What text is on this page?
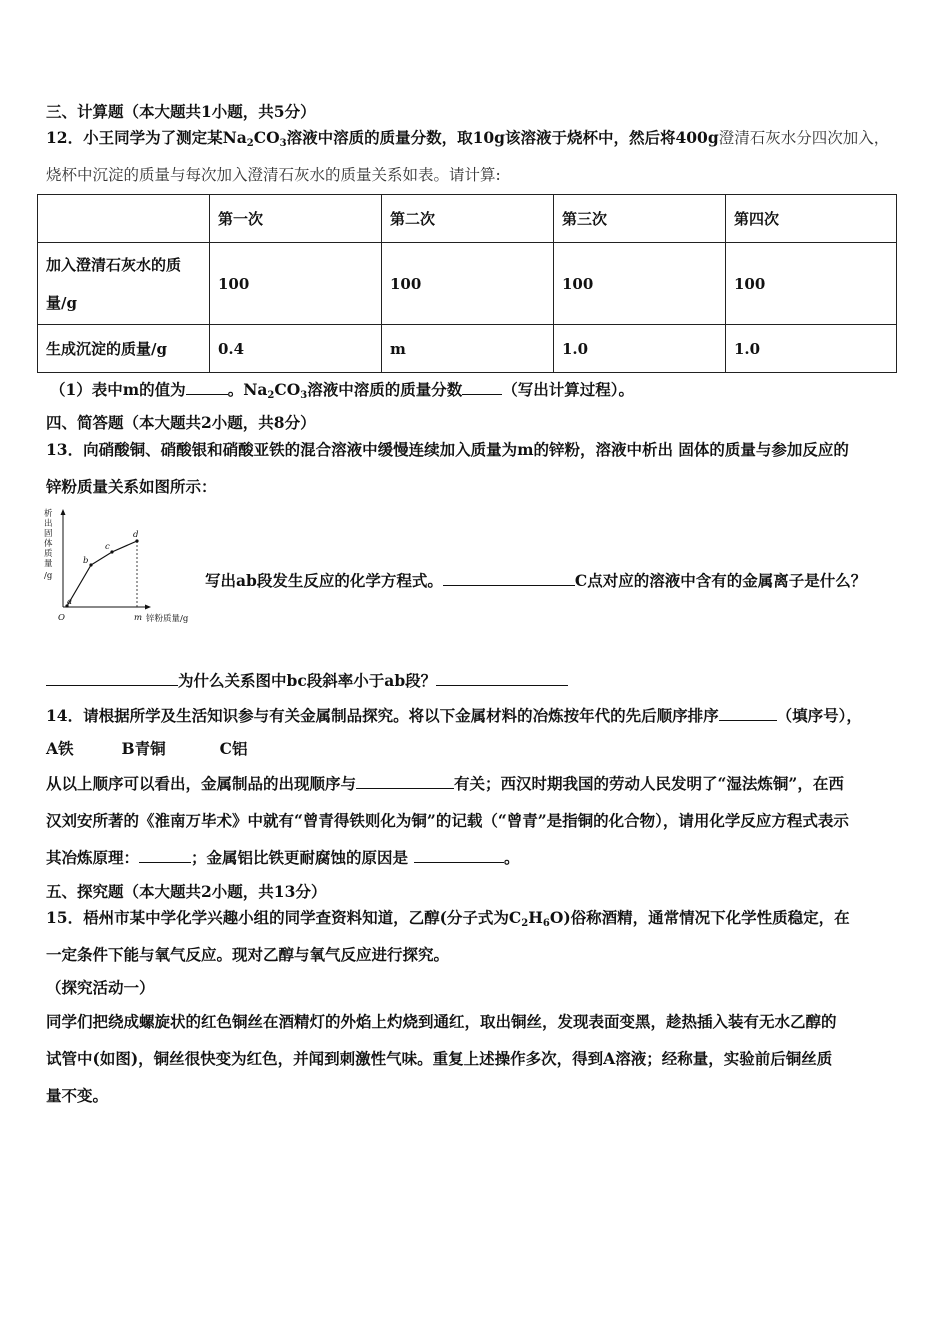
三、计算题（本大题共1小题，共5分）
12．小王同学为了测定某$Na_2CO_3$溶液中溶质的质量分数，取10g该溶液于烧杯中，然后将400g澄清石灰水分四次加入，
烧杯中沉淀的质量与每次加入澄清石灰水的质量关系如表。请计算:
	第一次	第二次	第三次	第四次
加入澄清石灰水的质
量/g	100	100	100	100
生成沉淀的质量/g	0.4	m	1.0	1.0
（1）表中m的值为	。$Na_2CO_3$溶液中溶质的质量分数	（写出计算过程）。
四、简答题（本大题共2小题，共8分）
13．向硝酸铜、硝酸银和硝酸亚铁的混合溶液中缓慢连续加入质量为m的锌粉，溶液中析出 固体的质量与参加反应的
锌粉质量关系如图所示：
析
出
固
体
质
量
/g
a
b
c
d
O	m 锌粉质量/g
写出ab段发生反应的化学方程式。	C点对应的溶液中含有的金属离子是什么？
为什么关系图中bc段斜率小于ab段？
14．请根据所学及生活知识参与有关金属制品探究。将以下金属材料的冶炼按年代的先后顺序排序	（填序号），
A铁	B青铜	C铝
从以上顺序可以看出，金属制品的出现顺序与	有关；西汉时期我国的劳动人民发明了“湿法炼铜”，在西
汉刘安所著的《淮南万毕术》中就有“曾青得铁则化为铜”的记载（“曾青”是指铜的化合物），请用化学反应方程式表示
其冶炼原理：	；金属铝比铁更耐腐蚀的原因是	。
五、探究题（本大题共2小题，共13分）
15．梧州市某中学化学兴趣小组的同学查资料知道，乙醇(分子式为$C_2H_6O$)俗称酒精，通常情况下化学性质稳定，在
一定条件下能与氧气反应。现对乙醇与氧气反应进行探究。
（探究活动一）
同学们把绕成螺旋状的红色铜丝在酒精灯的外焰上灼烧到通红，取出铜丝，发现表面变黑，趁热插入装有无水乙醇的
试管中(如图)，铜丝很快变为红色，并闻到刺激性气味。重复上述操作多次，得到A溶液；经称量，实验前后铜丝质
量不变。
